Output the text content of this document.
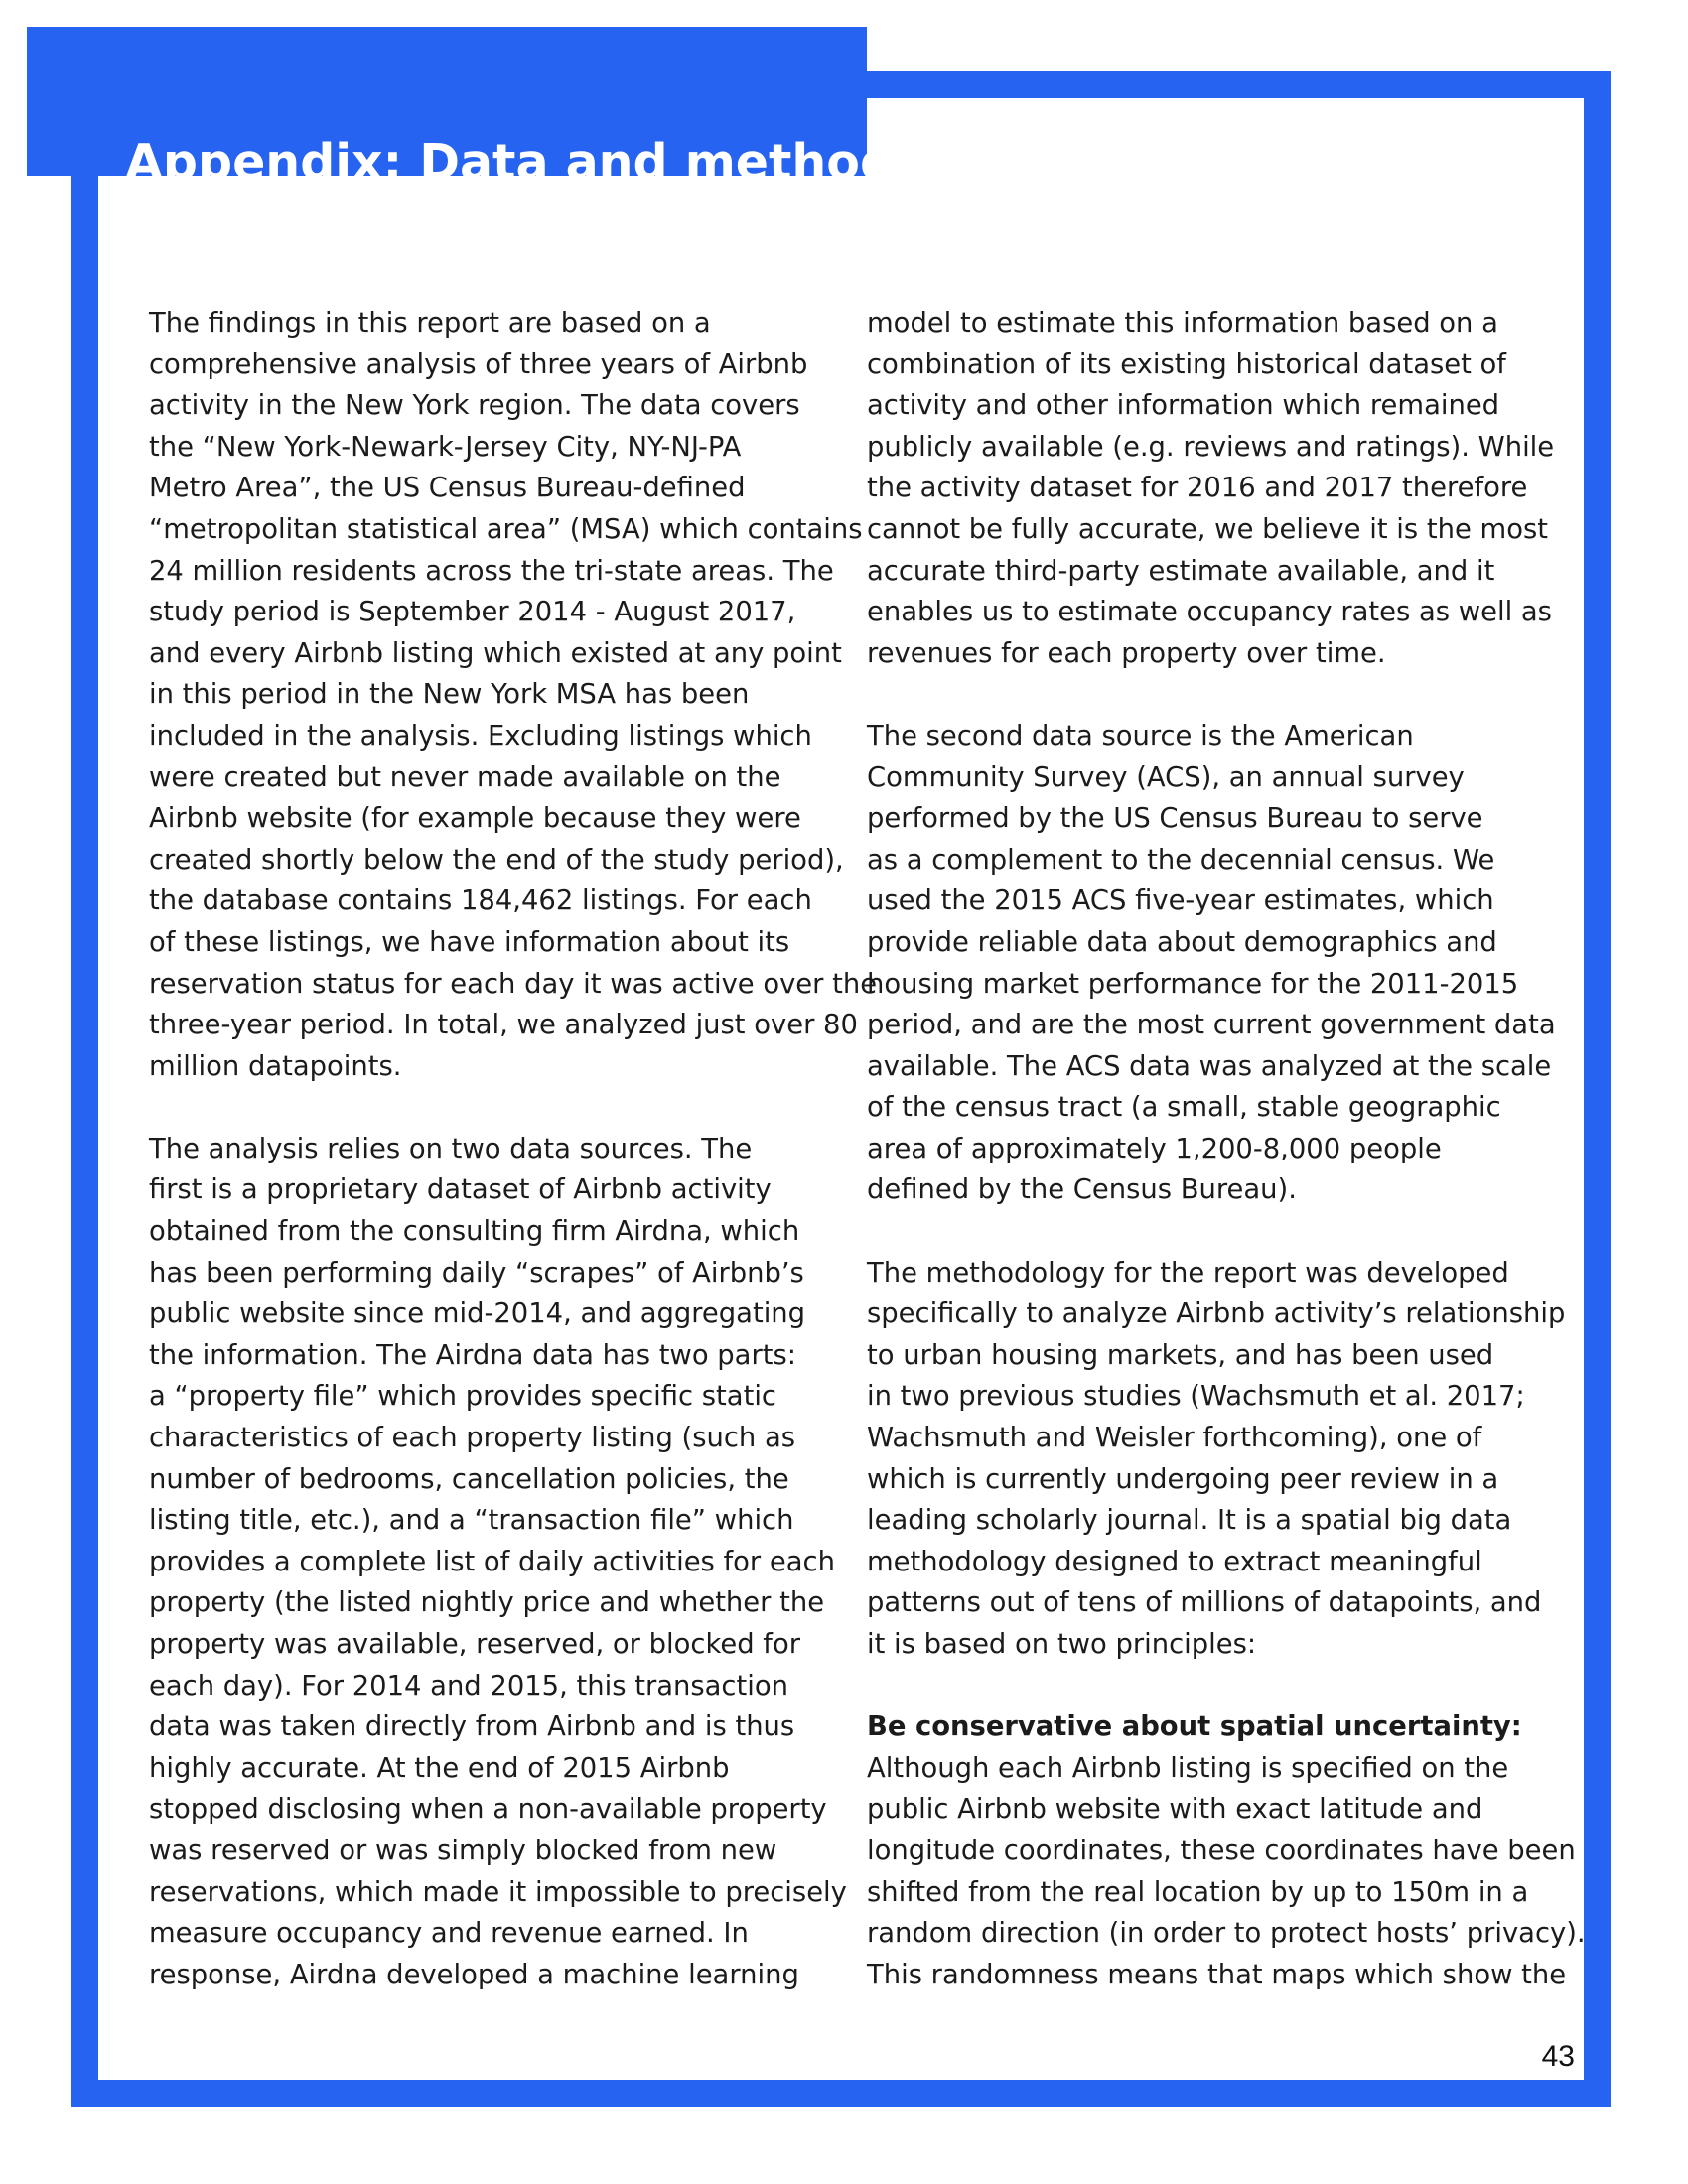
Appendix: Data and methodology

The findings in this report are based on a
comprehensive analysis of three years of Airbnb
activity in the New York region. The data covers
the “New York-Newark-Jersey City, NY-NJ-PA
Metro Area”, the US Census Bureau-defined
“metropolitan statistical area” (MSA) which contains
24 million residents across the tri-state areas. The
study period is September 2014 - August 2017,
and every Airbnb listing which existed at any point
in this period in the New York MSA has been
included in the analysis. Excluding listings which
were created but never made available on the
Airbnb website (for example because they were
created shortly below the end of the study period),
the database contains 184,462 listings. For each
of these listings, we have information about its
reservation status for each day it was active over the
three-year period. In total, we analyzed just over 80
million datapoints.

The analysis relies on two data sources. The
first is a proprietary dataset of Airbnb activity
obtained from the consulting firm Airdna, which
has been performing daily “scrapes” of Airbnb’s
public website since mid-2014, and aggregating
the information. The Airdna data has two parts:
a “property file” which provides specific static
characteristics of each property listing (such as
number of bedrooms, cancellation policies, the
listing title, etc.), and a “transaction file” which
provides a complete list of daily activities for each
property (the listed nightly price and whether the
property was available, reserved, or blocked for
each day). For 2014 and 2015, this transaction
data was taken directly from Airbnb and is thus
highly accurate. At the end of 2015 Airbnb
stopped disclosing when a non-available property
was reserved or was simply blocked from new
reservations, which made it impossible to precisely
measure occupancy and revenue earned. In
response, Airdna developed a machine learning

model to estimate this information based on a
combination of its existing historical dataset of
activity and other information which remained
publicly available (e.g. reviews and ratings). While
the activity dataset for 2016 and 2017 therefore
cannot be fully accurate, we believe it is the most
accurate third-party estimate available, and it
enables us to estimate occupancy rates as well as
revenues for each property over time.

The second data source is the American
Community Survey (ACS), an annual survey
performed by the US Census Bureau to serve
as a complement to the decennial census. We
used the 2015 ACS five-year estimates, which
provide reliable data about demographics and
housing market performance for the 2011-2015
period, and are the most current government data
available. The ACS data was analyzed at the scale
of the census tract (a small, stable geographic
area of approximately 1,200-8,000 people
defined by the Census Bureau).

The methodology for the report was developed
specifically to analyze Airbnb activity’s relationship
to urban housing markets, and has been used
in two previous studies (Wachsmuth et al. 2017;
Wachsmuth and Weisler forthcoming), one of
which is currently undergoing peer review in a
leading scholarly journal. It is a spatial big data
methodology designed to extract meaningful
patterns out of tens of millions of datapoints, and
it is based on two principles:

Be conservative about spatial uncertainty:
Although each Airbnb listing is specified on the
public Airbnb website with exact latitude and
longitude coordinates, these coordinates have been
shifted from the real location by up to 150m in a
random direction (in order to protect hosts’ privacy).
This randomness means that maps which show the

43
